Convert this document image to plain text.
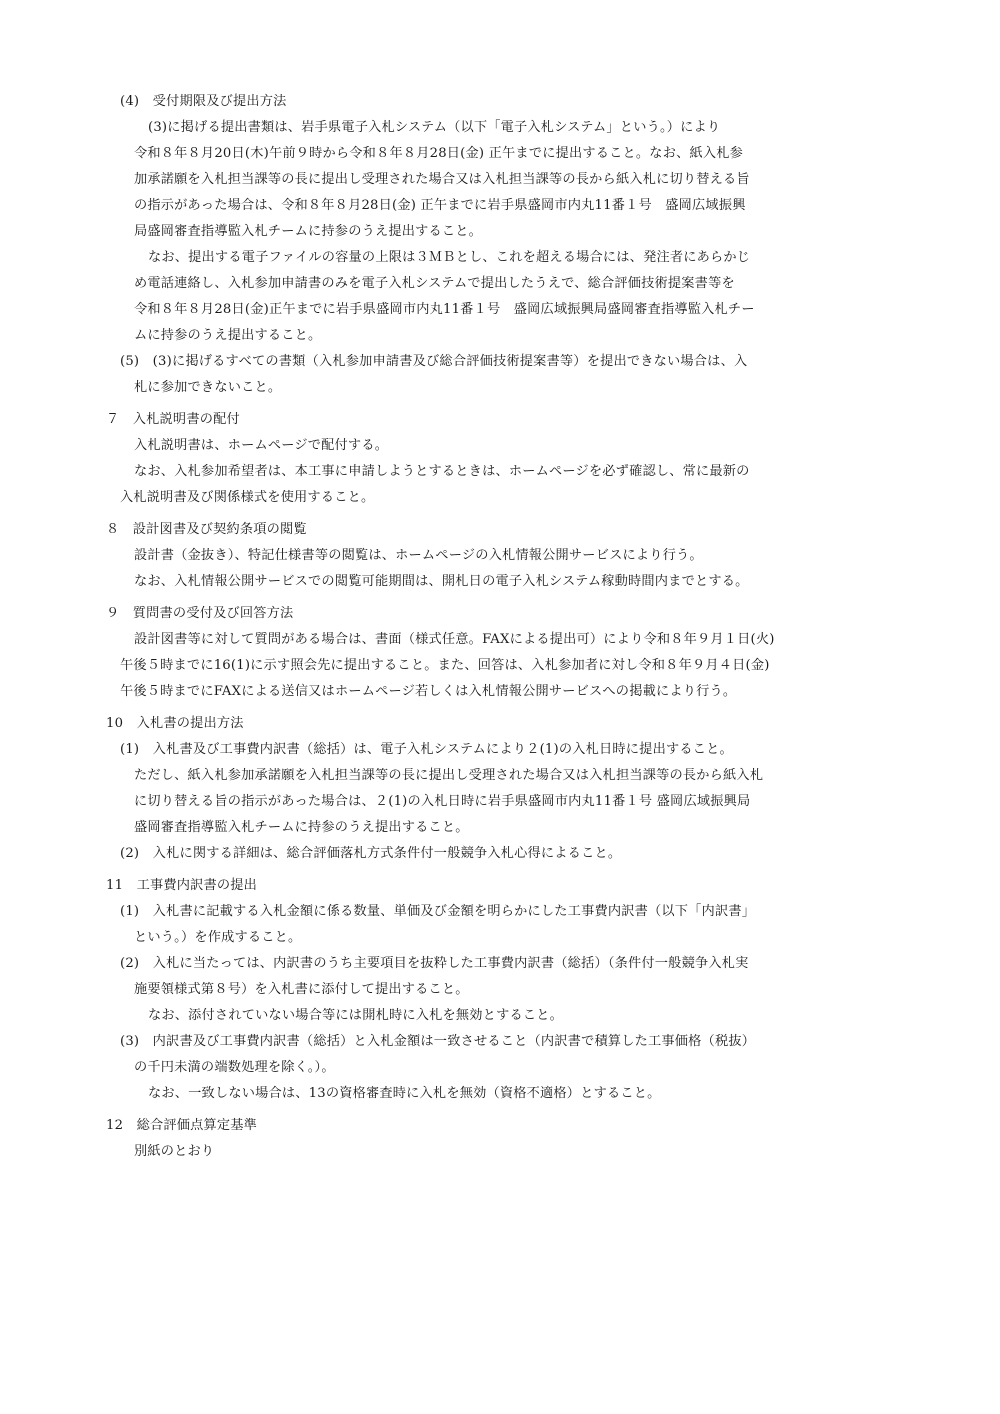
(4)　受付期限及び提出方法
(3)に掲げる提出書類は、岩手県電子入札システム（以下「電子入札システム」という。）により
令和８年８月20日(木)午前９時から令和８年８月28日(金) 正午までに提出すること。なお、紙入札参
加承諾願を入札担当課等の長に提出し受理された場合又は入札担当課等の長から紙入札に切り替える旨
の指示があった場合は、令和８年８月28日(金) 正午までに岩手県盛岡市内丸11番１号　盛岡広域振興
局盛岡審査指導監入札チームに持参のうえ提出すること。
なお、提出する電子ファイルの容量の上限は３ＭＢとし、これを超える場合には、発注者にあらかじ
め電話連絡し、入札参加申請書のみを電子入札システムで提出したうえで、総合評価技術提案書等を
令和８年８月28日(金)正午までに岩手県盛岡市内丸11番１号　盛岡広域振興局盛岡審査指導監入札チー
ムに持参のうえ提出すること。
(5)　(3)に掲げるすべての書類（入札参加申請書及び総合評価技術提案書等）を提出できない場合は、入
札に参加できないこと。
７　入札説明書の配付
入札説明書は、ホームページで配付する。
なお、入札参加希望者は、本工事に申請しようとするときは、ホームページを必ず確認し、常に最新の
入札説明書及び関係様式を使用すること。
８　設計図書及び契約条項の閲覧
設計書（金抜き）、特記仕様書等の閲覧は、ホームページの入札情報公開サービスにより行う。
なお、入札情報公開サービスでの閲覧可能期間は、開札日の電子入札システム稼動時間内までとする。
９　質問書の受付及び回答方法
設計図書等に対して質問がある場合は、書面（様式任意。FAXによる提出可）により令和８年９月１日(火)
午後５時までに16(1)に示す照会先に提出すること。また、回答は、入札参加者に対し令和８年９月４日(金)
午後５時までにFAXによる送信又はホームページ若しくは入札情報公開サービスへの掲載により行う。
10　入札書の提出方法
(1)　入札書及び工事費内訳書（総括）は、電子入札システムにより２(1)の入札日時に提出すること。
ただし、紙入札参加承諾願を入札担当課等の長に提出し受理された場合又は入札担当課等の長から紙入札
に切り替える旨の指示があった場合は、２(1)の入札日時に岩手県盛岡市内丸11番１号 盛岡広域振興局
盛岡審査指導監入札チームに持参のうえ提出すること。
(2)　入札に関する詳細は、総合評価落札方式条件付一般競争入札心得によること。
11　工事費内訳書の提出
(1)　入札書に記載する入札金額に係る数量、単価及び金額を明らかにした工事費内訳書（以下「内訳書」
という。）を作成すること。
(2)　入札に当たっては、内訳書のうち主要項目を抜粋した工事費内訳書（総括）（条件付一般競争入札実
施要領様式第８号）を入札書に添付して提出すること。
なお、添付されていない場合等には開札時に入札を無効とすること。
(3)　内訳書及び工事費内訳書（総括）と入札金額は一致させること（内訳書で積算した工事価格（税抜）
の千円未満の端数処理を除く。）。
なお、一致しない場合は、13の資格審査時に入札を無効（資格不適格）とすること。
12　総合評価点算定基準
別紙のとおり
